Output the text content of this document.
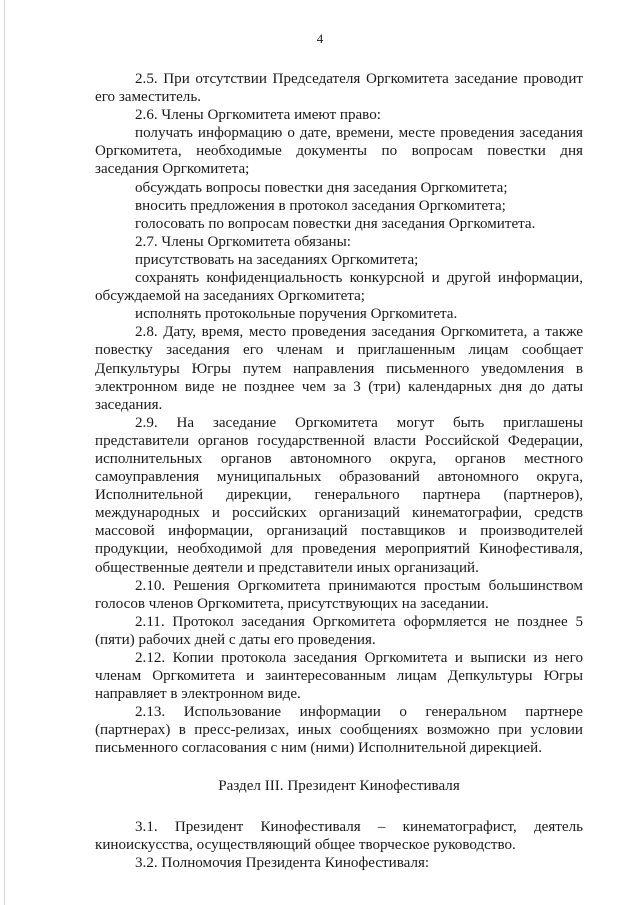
4

2.5. При отсутствии Председателя Оргкомитета заседание проводит его заместитель.

2.6. Члены Оргкомитета имеют право:

получать информацию о дате, времени, месте проведения заседания Оргкомитета, необходимые документы по вопросам повестки дня заседания Оргкомитета;

обсуждать вопросы повестки дня заседания Оргкомитета;

вносить предложения в протокол заседания Оргкомитета;

голосовать по вопросам повестки дня заседания Оргкомитета.

2.7. Члены Оргкомитета обязаны:

присутствовать на заседаниях Оргкомитета;

сохранять конфиденциальность конкурсной и другой информации, обсуждаемой на заседаниях Оргкомитета;

исполнять протокольные поручения Оргкомитета.

2.8. Дату, время, место проведения заседания Оргкомитета, а также повестку заседания его членам и приглашенным лицам сообщает Депкультуры Югры путем направления письменного уведомления в электронном виде не позднее чем за 3 (три) календарных дня до даты заседания.

2.9. На заседание Оргкомитета могут быть приглашены представители органов государственной власти Российской Федерации, исполнительных органов автономного округа, органов местного самоуправления муниципальных образований автономного округа, Исполнительной дирекции, генерального партнера (партнеров), международных и российских организаций кинематографии, средств массовой информации, организаций поставщиков и производителей продукции, необходимой для проведения мероприятий Кинофестиваля, общественные деятели и представители иных организаций.

2.10. Решения Оргкомитета принимаются простым большинством голосов членов Оргкомитета, присутствующих на заседании.

2.11. Протокол заседания Оргкомитета оформляется не позднее 5 (пяти) рабочих дней с даты его проведения.

2.12. Копии протокола заседания Оргкомитета и выписки из него членам Оргкомитета и заинтересованным лицам Депкультуры Югры направляет в электронном виде.

2.13. Использование информации о генеральном партнере (партнерах) в пресс-релизах, иных сообщениях возможно при условии письменного согласования с ним (ними) Исполнительной дирекцией.

Раздел III. Президент Кинофестиваля

3.1. Президент Кинофестиваля – кинематографист, деятель киноискусства, осуществляющий общее творческое руководство.

3.2. Полномочия Президента Кинофестиваля:
